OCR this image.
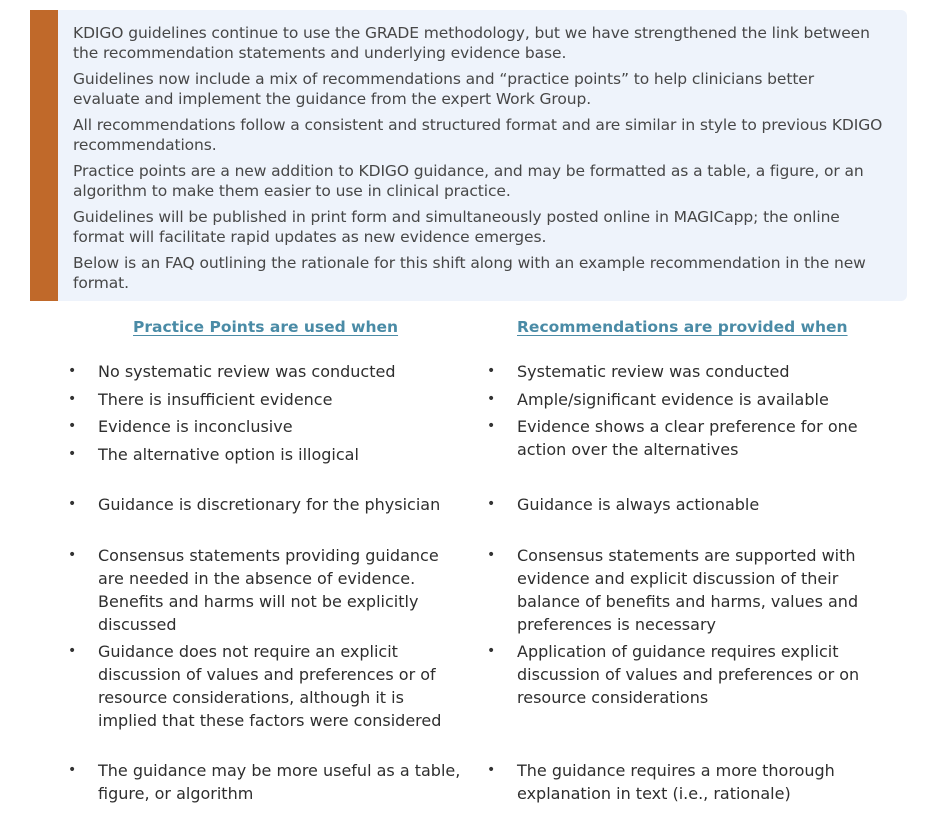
KDIGO guidelines continue to use the GRADE methodology, but we have strengthened the link between the recommendation statements and underlying evidence base.

Guidelines now include a mix of recommendations and “practice points” to help clinicians better evaluate and implement the guidance from the expert Work Group.

All recommendations follow a consistent and structured format and are similar in style to previous KDIGO recommendations.

Practice points are a new addition to KDIGO guidance, and may be formatted as a table, a figure, or an algorithm to make them easier to use in clinical practice.

Guidelines will be published in print form and simultaneously posted online in MAGICapp; the online format will facilitate rapid updates as new evidence emerges.

Below is an FAQ outlining the rationale for this shift along with an example recommendation in the new format.

Practice Points are used when
• No systematic review was conducted
• There is insufficient evidence
• Evidence is inconclusive
• The alternative option is illogical
• Guidance is discretionary for the physician
• Consensus statements providing guidance are needed in the absence of evidence. Benefits and harms will not be explicitly discussed
• Guidance does not require an explicit discussion of values and preferences or of resource considerations, although it is implied that these factors were considered
• The guidance may be more useful as a table, figure, or algorithm
Recommendations are provided when
• Systematic review was conducted
• Ample/significant evidence is available
• Evidence shows a clear preference for one action over the alternatives
• Guidance is always actionable
• Consensus statements are supported with evidence and explicit discussion of their balance of benefits and harms, values and preferences is necessary
• Application of guidance requires explicit discussion of values and preferences or on resource considerations
• The guidance requires a more thorough explanation in text (i.e., rationale)
